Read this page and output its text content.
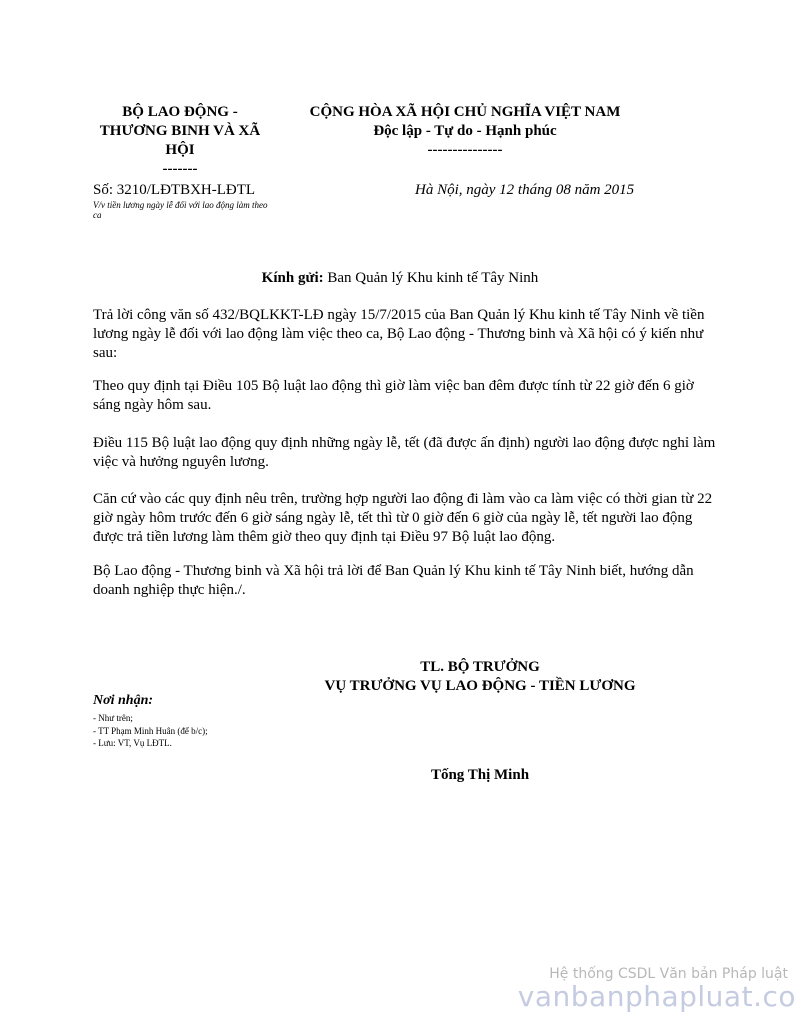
BỘ LAO ĐỘNG -
THƯƠNG BINH VÀ XÃ
HỘI
-------
CỘNG HÒA XÃ HỘI CHỦ NGHĨA VIỆT NAM
Độc lập - Tự do - Hạnh phúc
---------------
Số: 3210/LĐTBXH-LĐTL
V/v tiền lương ngày lễ đối với lao động làm theo ca
Hà Nội, ngày 12 tháng 08 năm 2015
Kính gửi: Ban Quản lý Khu kinh tế Tây Ninh
Trả lời công văn số 432/BQLKKT-LĐ ngày 15/7/2015 của Ban Quản lý Khu kinh tế Tây Ninh về tiền lương ngày lễ đối với lao động làm việc theo ca, Bộ Lao động - Thương binh và Xã hội có ý kiến như sau:
Theo quy định tại Điều 105 Bộ luật lao động thì giờ làm việc ban đêm được tính từ 22 giờ đến 6 giờ sáng ngày hôm sau.
Điều 115 Bộ luật lao động quy định những ngày lễ, tết (đã được ấn định) người lao động được nghỉ làm việc và hưởng nguyên lương.
Căn cứ vào các quy định nêu trên, trường hợp người lao động đi làm vào ca làm việc có thời gian từ 22 giờ ngày hôm trước đến 6 giờ sáng ngày lễ, tết thì từ 0 giờ đến 6 giờ của ngày lễ, tết người lao động được trả tiền lương làm thêm giờ theo quy định tại Điều 97 Bộ luật lao động.
Bộ Lao động - Thương binh và Xã hội trả lời để Ban Quản lý Khu kinh tế Tây Ninh biết, hướng dẫn doanh nghiệp thực hiện./.
TL. BỘ TRƯỞNG
VỤ TRƯỞNG VỤ LAO ĐỘNG - TIỀN LƯƠNG
Nơi nhận:
- Như trên;
- TT Phạm Minh Huân (để b/c);
- Lưu: VT, Vụ LĐTL.
Tống Thị Minh
Hệ thống CSDL Văn bản Pháp luật
vanbanphapluat.co
